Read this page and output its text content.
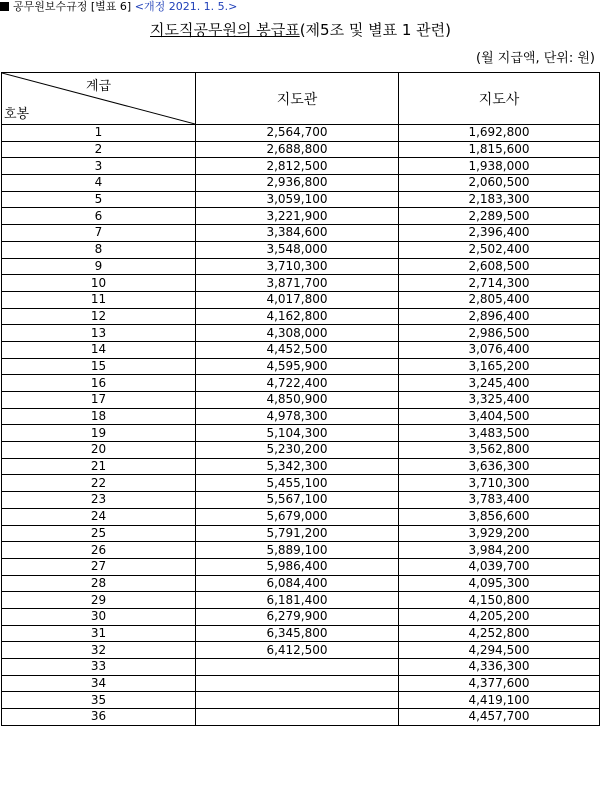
공무원보수규정 [별표 6] <개정 2021. 1. 5.>
지도직공무원의 봉급표(제5조 및 별표 1 관련)
(월 지급액, 단위: 원)
계급
호봉	지도관	지도사
1	2,564,700	1,692,800
2	2,688,800	1,815,600
3	2,812,500	1,938,000
4	2,936,800	2,060,500
5	3,059,100	2,183,300
6	3,221,900	2,289,500
7	3,384,600	2,396,400
8	3,548,000	2,502,400
9	3,710,300	2,608,500
10	3,871,700	2,714,300
11	4,017,800	2,805,400
12	4,162,800	2,896,400
13	4,308,000	2,986,500
14	4,452,500	3,076,400
15	4,595,900	3,165,200
16	4,722,400	3,245,400
17	4,850,900	3,325,400
18	4,978,300	3,404,500
19	5,104,300	3,483,500
20	5,230,200	3,562,800
21	5,342,300	3,636,300
22	5,455,100	3,710,300
23	5,567,100	3,783,400
24	5,679,000	3,856,600
25	5,791,200	3,929,200
26	5,889,100	3,984,200
27	5,986,400	4,039,700
28	6,084,400	4,095,300
29	6,181,400	4,150,800
30	6,279,900	4,205,200
31	6,345,800	4,252,800
32	6,412,500	4,294,500
33		4,336,300
34		4,377,600
35		4,419,100
36		4,457,700
